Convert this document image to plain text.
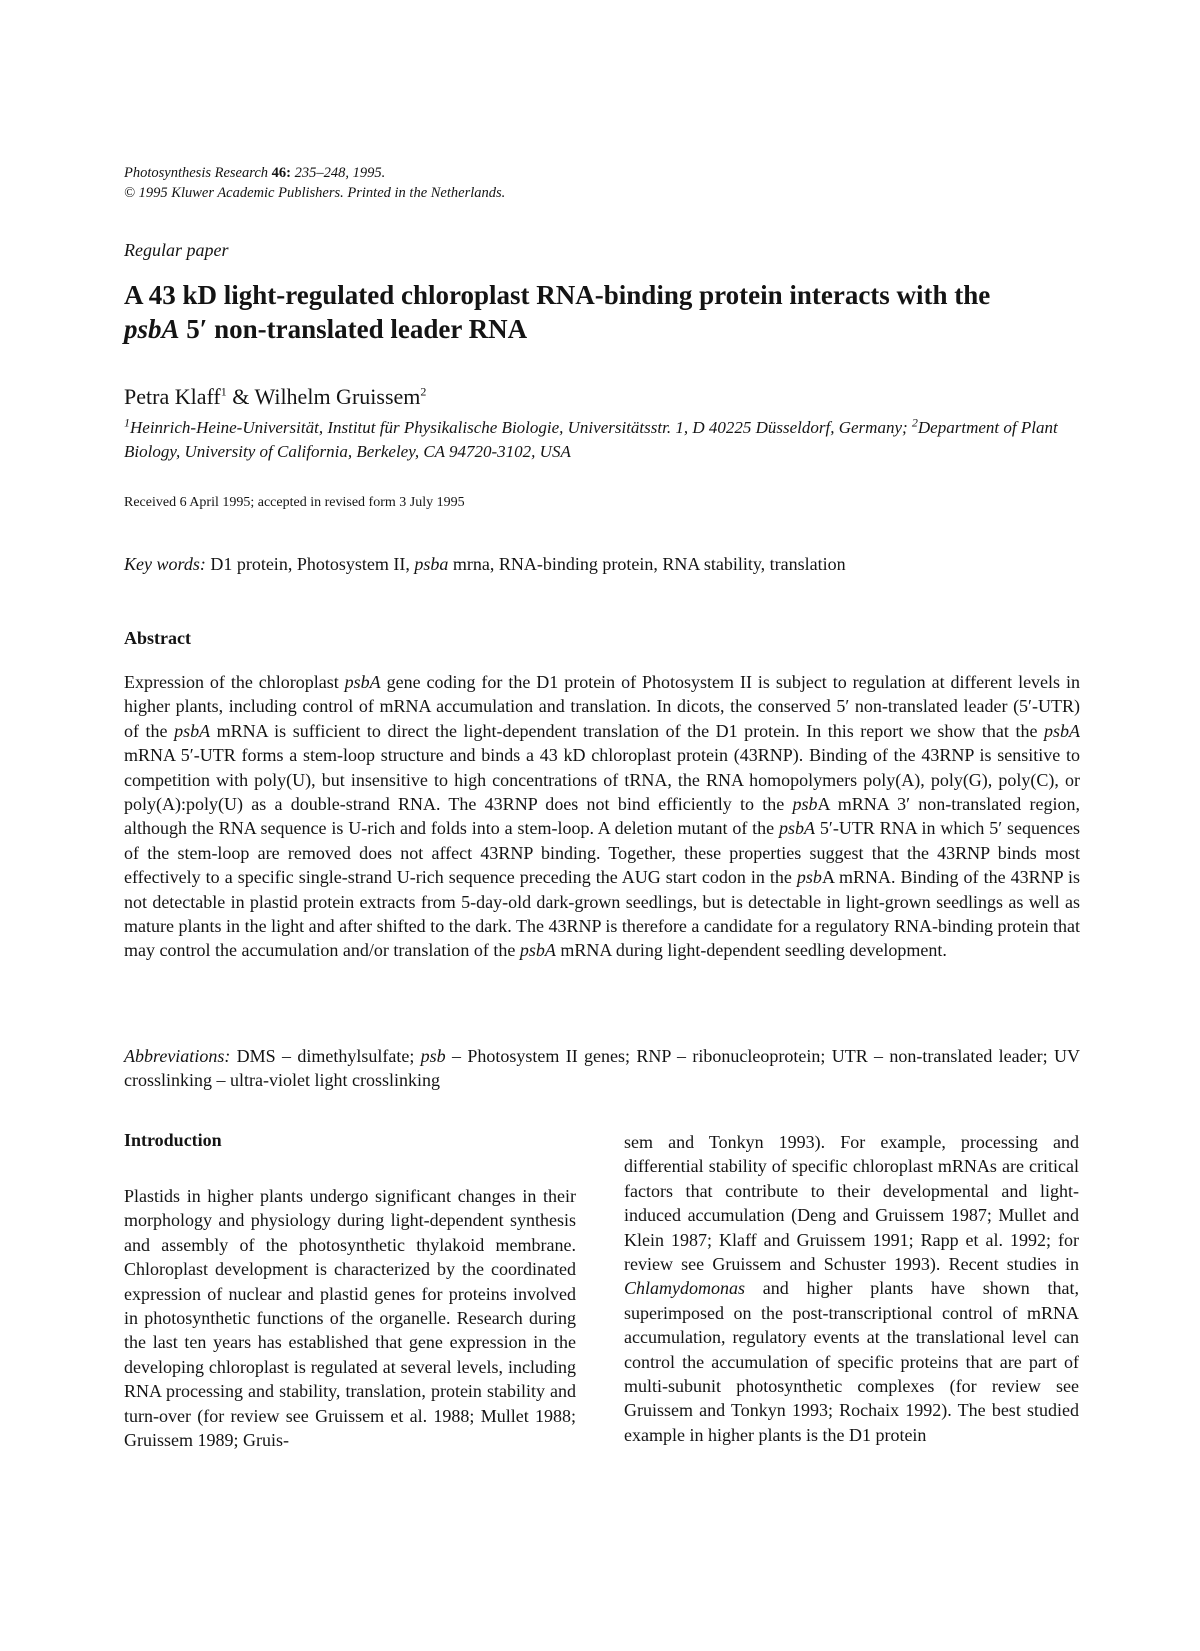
Photosynthesis Research 46: 235–248, 1995.
© 1995 Kluwer Academic Publishers. Printed in the Netherlands.
Regular paper
A 43 kD light-regulated chloroplast RNA-binding protein interacts with the
psbA 5′ non-translated leader RNA
Petra Klaff$^1$ & Wilhelm Gruissem$^2$
$^1$Heinrich-Heine-Universität, Institut für Physikalische Biologie, Universitätsstr. 1, D 40225 Düsseldorf, Germany; $^2$Department of Plant Biology, University of California, Berkeley, CA 94720-3102, USA
Received 6 April 1995; accepted in revised form 3 July 1995
Key words: D1 protein, Photosystem II, psba mrna, RNA-binding protein, RNA stability, translation
Abstract

Expression of the chloroplast psbA gene coding for the D1 protein of Photosystem II is subject to regulation at different levels in higher plants, including control of mRNA accumulation and translation. In dicots, the conserved 5′ non-translated leader (5′-UTR) of the psbA mRNA is sufficient to direct the light-dependent translation of the D1 protein. In this report we show that the psbA mRNA 5′-UTR forms a stem-loop structure and binds a 43 kD chloroplast protein (43RNP). Binding of the 43RNP is sensitive to competition with poly(U), but insensitive to high concentrations of tRNA, the RNA homopolymers poly(A), poly(G), poly(C), or poly(A):poly(U) as a double-strand RNA. The 43RNP does not bind efficiently to the psbA mRNA 3′ non-translated region, although the RNA sequence is U-rich and folds into a stem-loop. A deletion mutant of the psbA 5′-UTR RNA in which 5′ sequences of the stem-loop are removed does not affect 43RNP binding. Together, these properties suggest that the 43RNP binds most effectively to a specific single-strand U-rich sequence preceding the AUG start codon in the psbA mRNA. Binding of the 43RNP is not detectable in plastid protein extracts from 5-day-old dark-grown seedlings, but is detectable in light-grown seedlings as well as mature plants in the light and after shifted to the dark. The 43RNP is therefore a candidate for a regulatory RNA-binding protein that may control the accumulation and/or translation of the psbA mRNA during light-dependent seedling development.

Abbreviations: DMS – dimethylsulfate; psb – Photosystem II genes; RNP – ribonucleoprotein; UTR – non-translated leader; UV crosslinking – ultra-violet light crosslinking

Introduction

Plastids in higher plants undergo significant changes in their morphology and physiology during light-dependent synthesis and assembly of the photosynthetic thylakoid membrane. Chloroplast development is characterized by the coordinated expression of nuclear and plastid genes for proteins involved in photosynthetic functions of the organelle. Research during the last ten years has established that gene expression in the developing chloroplast is regulated at several levels, including RNA processing and stability, translation, protein stability and turn-over (for review see Gruissem et al. 1988; Mullet 1988; Gruissem 1989; Gruis-

sem and Tonkyn 1993). For example, processing and differential stability of specific chloroplast mRNAs are critical factors that contribute to their developmental and light-induced accumulation (Deng and Gruissem 1987; Mullet and Klein 1987; Klaff and Gruissem 1991; Rapp et al. 1992; for review see Gruissem and Schuster 1993). Recent studies in Chlamydomonas and higher plants have shown that, superimposed on the post-transcriptional control of mRNA accumulation, regulatory events at the translational level can control the accumulation of specific proteins that are part of multi-subunit photosynthetic complexes (for review see Gruissem and Tonkyn 1993; Rochaix 1992). The best studied example in higher plants is the D1 protein
